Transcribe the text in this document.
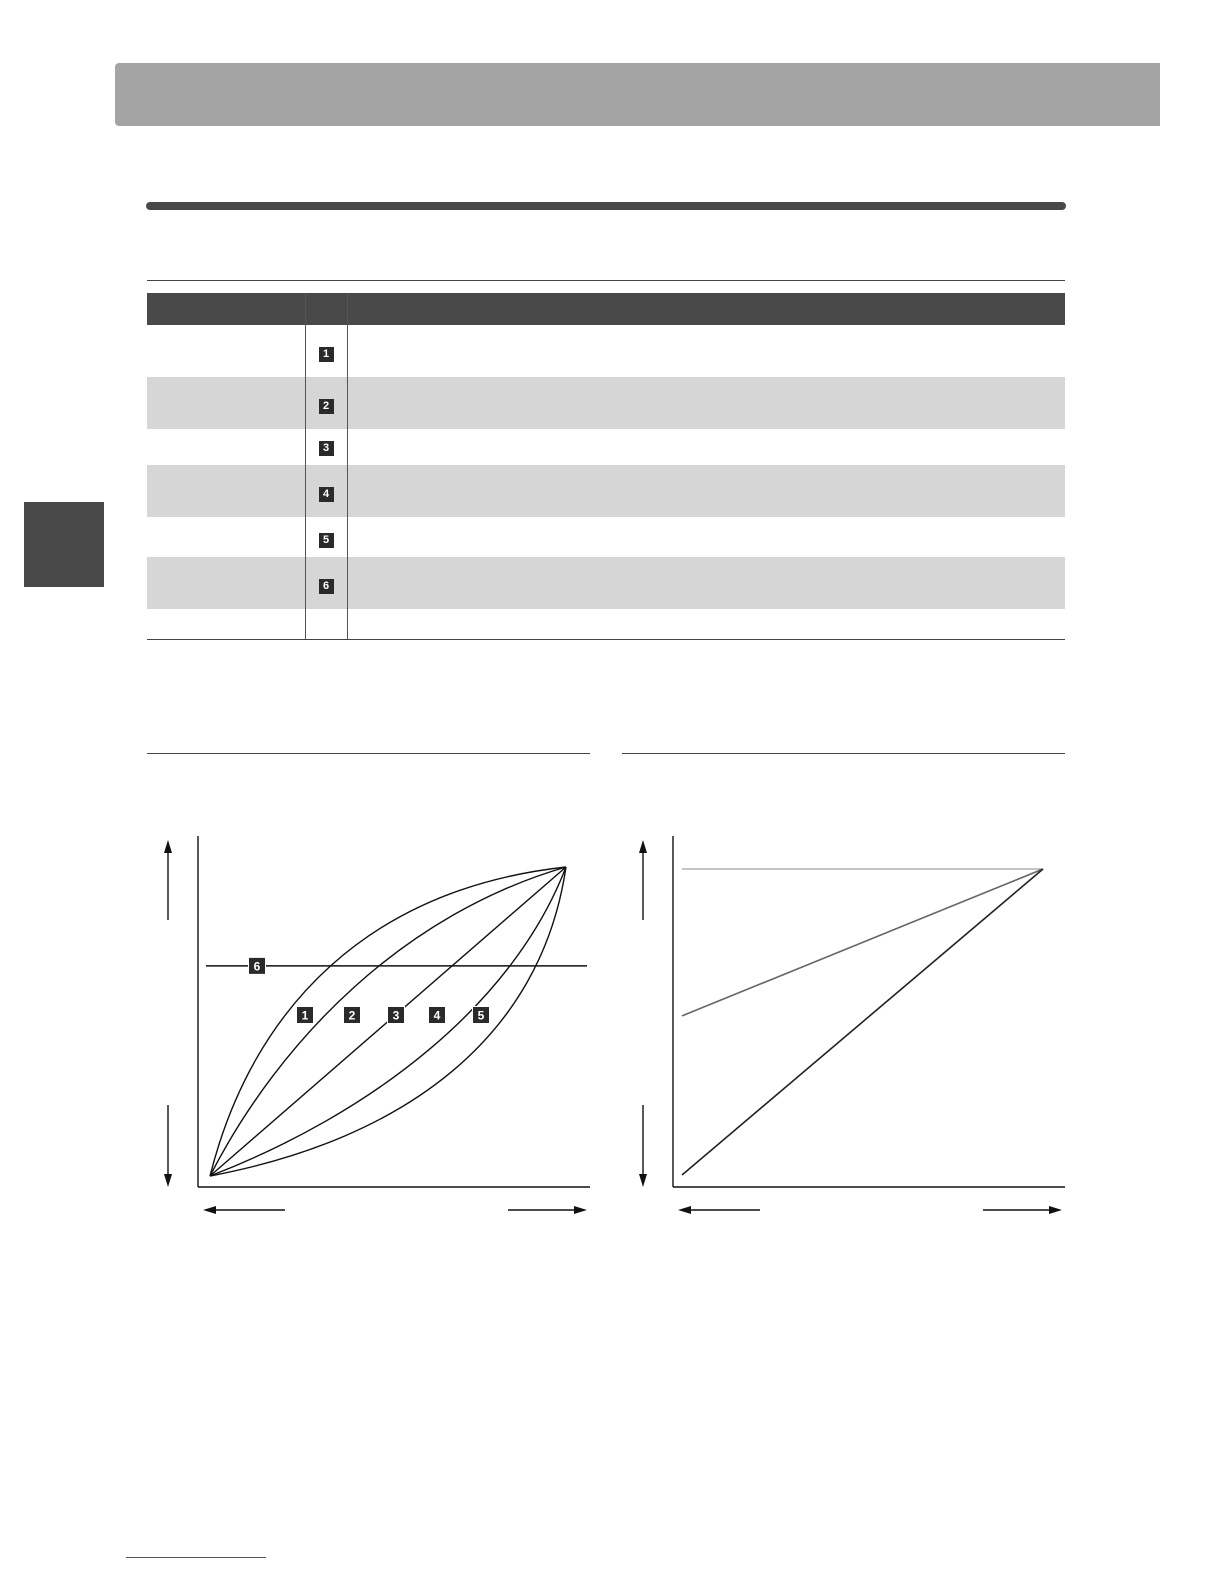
	1	
	2	
	3	
	4	
	5	
	6	

6
1	2	3	4	5
